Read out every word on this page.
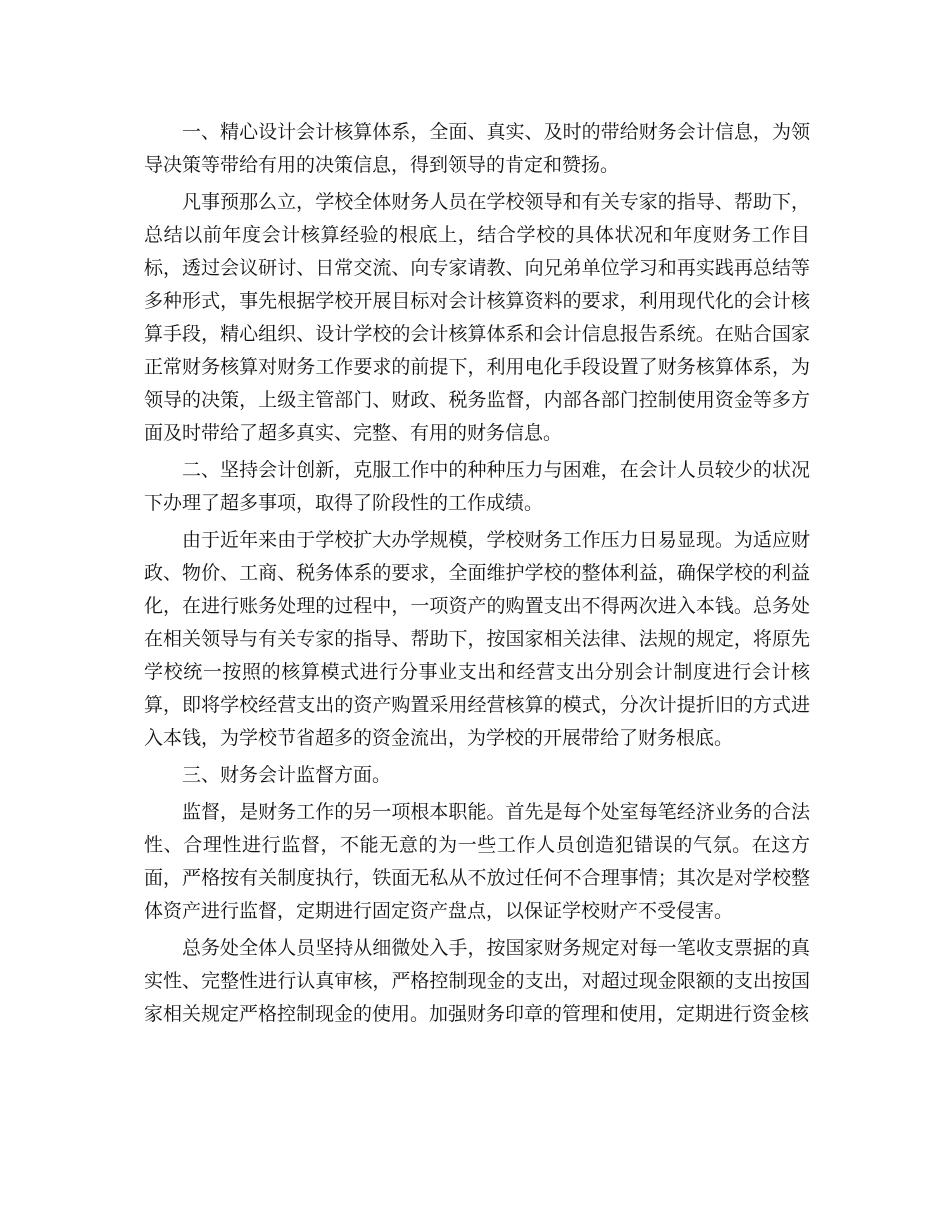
一、精心设计会计核算体系，全面、真实、及时的带给财务会计信息，为领导决策等带给有用的决策信息，得到领导的肯定和赞扬。

凡事预那么立，学校全体财务人员在学校领导和有关专家的指导、帮助下，总结以前年度会计核算经验的根底上，结合学校的具体状况和年度财务工作目标，透过会议研讨、日常交流、向专家请教、向兄弟单位学习和再实践再总结等多种形式，事先根据学校开展目标对会计核算资料的要求，利用现代化的会计核算手段，精心组织、设计学校的会计核算体系和会计信息报告系统。在贴合国家正常财务核算对财务工作要求的前提下，利用电化手段设置了财务核算体系，为领导的决策，上级主管部门、财政、税务监督，内部各部门控制使用资金等多方面及时带给了超多真实、完整、有用的财务信息。

二、坚持会计创新，克服工作中的种种压力与困难，在会计人员较少的状况下办理了超多事项，取得了阶段性的工作成绩。

由于近年来由于学校扩大办学规模，学校财务工作压力日易显现。为适应财政、物价、工商、税务体系的要求，全面维护学校的整体利益，确保学校的利益化，在进行账务处理的过程中，一项资产的购置支出不得两次进入本钱。总务处在相关领导与有关专家的指导、帮助下，按国家相关法律、法规的规定，将原先学校统一按照的核算模式进行分事业支出和经营支出分别会计制度进行会计核算，即将学校经营支出的资产购置采用经营核算的模式，分次计提折旧的方式进入本钱，为学校节省超多的资金流出，为学校的开展带给了财务根底。

三、财务会计监督方面。

监督，是财务工作的另一项根本职能。首先是每个处室每笔经济业务的合法性、合理性进行监督，不能无意的为一些工作人员创造犯错误的气氛。在这方面，严格按有关制度执行，铁面无私从不放过任何不合理事情；其次是对学校整体资产进行监督，定期进行固定资产盘点，以保证学校财产不受侵害。

总务处全体人员坚持从细微处入手，按国家财务规定对每一笔收支票据的真实性、完整性进行认真审核，严格控制现金的支出，对超过现金限额的支出按国家相关规定严格控制现金的使用。加强财务印章的管理和使用，定期进行资金核
